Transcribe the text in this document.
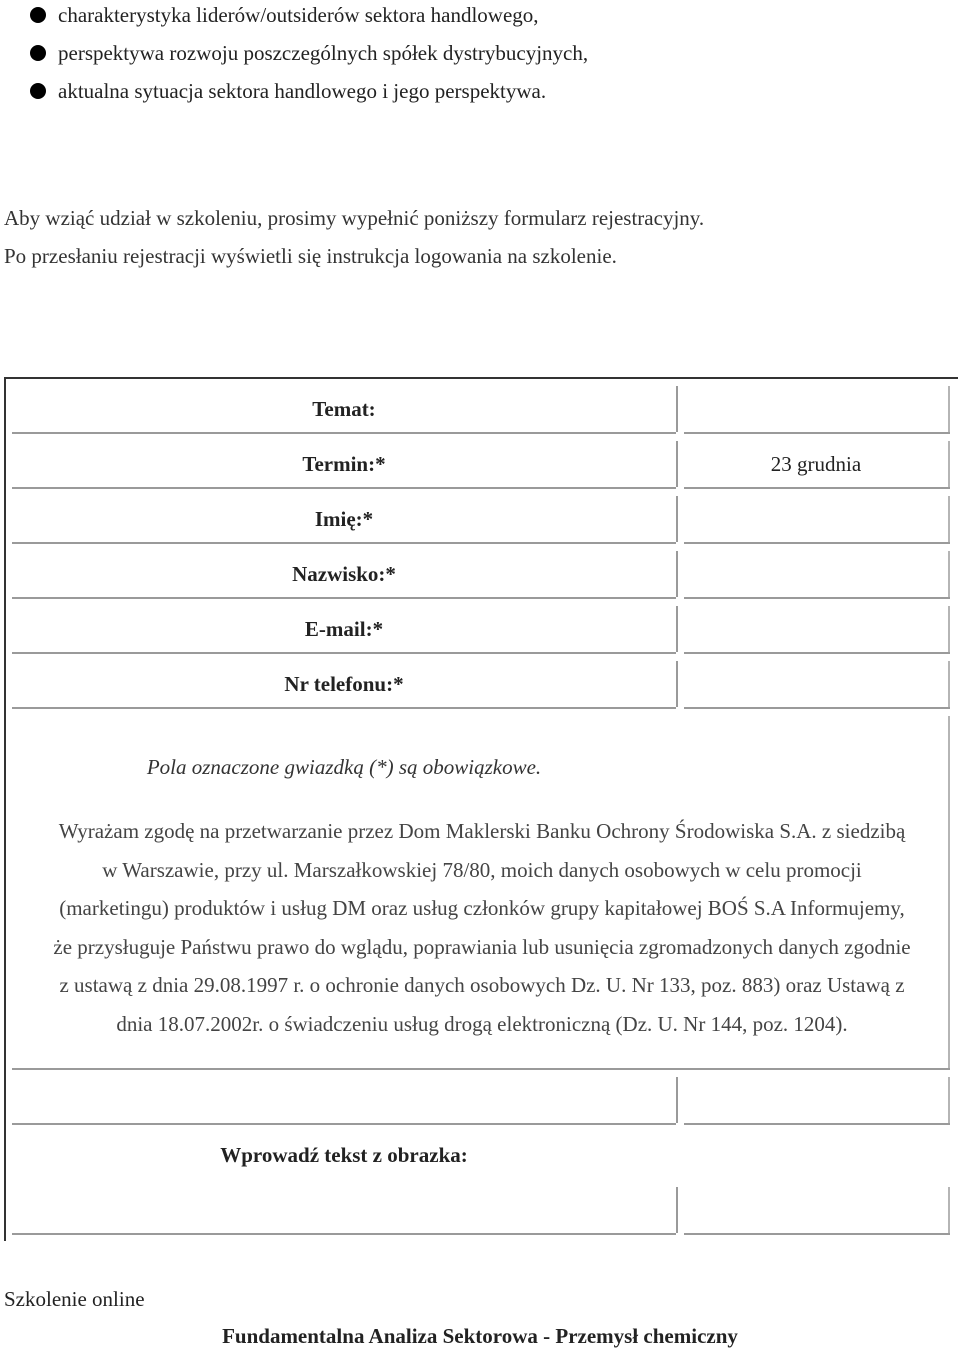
charakterystyka liderów/outsiderów sektora handlowego,
perspektywa rozwoju poszczególnych spółek dystrybucyjnych,
aktualna sytuacja sektora handlowego i jego perspektywa.
Aby wziąć udział w szkoleniu, prosimy wypełnić poniższy formularz rejestracyjny.
Po przesłaniu rejestracji wyświetli się instrukcja logowania na szkolenie.
Temat:
Termin:*
Imię:*
Nazwisko:*
E-mail:*
Nr telefonu:*
23 grudnia
Pola oznaczone gwiazdką (*) są obowiązkowe.
Wyrażam zgodę na przetwarzanie przez Dom Maklerski Banku Ochrony Środowiska S.A. z siedzibą
w Warszawie, przy ul. Marszałkowskiej 78/80, moich danych osobowych w celu promocji
(marketingu) produktów i usług DM oraz usług członków grupy kapitałowej BOŚ S.A Informujemy,
że przysługuje Państwu prawo do wglądu, poprawiania lub usunięcia zgromadzonych danych zgodnie
z ustawą z dnia 29.08.1997 r. o ochronie danych osobowych Dz. U. Nr 133, poz. 883) oraz Ustawą z
dnia 18.07.2002r. o świadczeniu usług drogą elektroniczną (Dz. U. Nr 144, poz. 1204).
Wprowadź tekst z obrazka:
Szkolenie online
Fundamentalna Analiza Sektorowa - Przemysł chemiczny
